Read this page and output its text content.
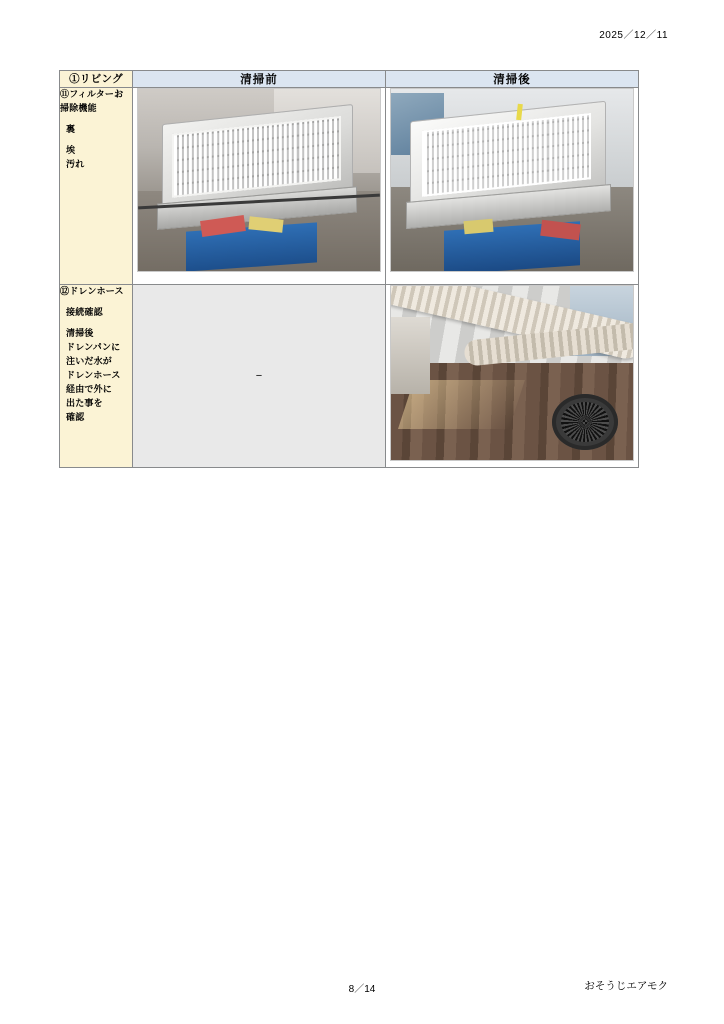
2025／12／11
①リビング	清掃前	清掃後

⑪フィルターお掃除機能
裏
埃
汚れ		

⑫ドレンホース
接続確認
清掃後
ドレンパンに
注いだ水が
ドレンホース
経由で外に
出た事を
確認
	−	
8／14	おそうじエアモク
